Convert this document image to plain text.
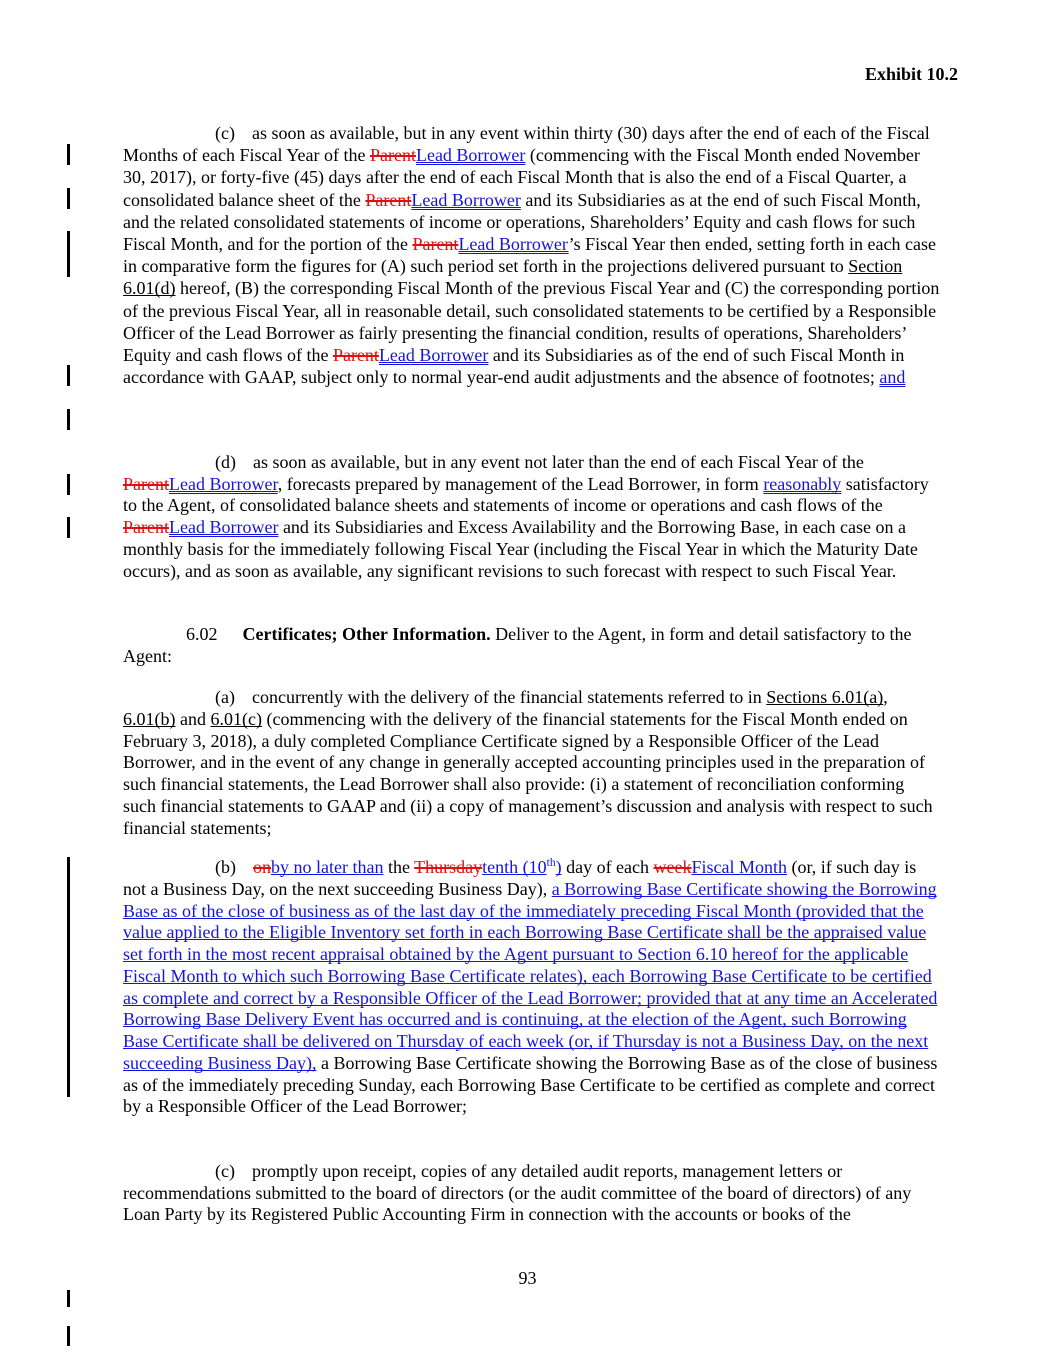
Exhibit 10.2
(c) as soon as available, but in any event within thirty (30) days after the end of each of the Fiscal Months of each Fiscal Year of the ParentLead Borrower (commencing with the Fiscal Month ended November 30, 2017), or forty-five (45) days after the end of each Fiscal Month that is also the end of a Fiscal Quarter, a consolidated balance sheet of the ParentLead Borrower and its Subsidiaries as at the end of such Fiscal Month, and the related consolidated statements of income or operations, Shareholders’ Equity and cash flows for such Fiscal Month, and for the portion of the ParentLead Borrower’s Fiscal Year then ended, setting forth in each case in comparative form the figures for (A) such period set forth in the projections delivered pursuant to Section 6.01(d) hereof, (B) the corresponding Fiscal Month of the previous Fiscal Year and (C) the corresponding portion of the previous Fiscal Year, all in reasonable detail, such consolidated statements to be certified by a Responsible Officer of the Lead Borrower as fairly presenting the financial condition, results of operations, Shareholders’ Equity and cash flows of the ParentLead Borrower and its Subsidiaries as of the end of such Fiscal Month in accordance with GAAP, subject only to normal year-end audit adjustments and the absence of footnotes; and
(d) as soon as available, but in any event not later than the end of each Fiscal Year of the ParentLead Borrower, forecasts prepared by management of the Lead Borrower, in form reasonably satisfactory to the Agent, of consolidated balance sheets and statements of income or operations and cash flows of the ParentLead Borrower and its Subsidiaries and Excess Availability and the Borrowing Base, in each case on a monthly basis for the immediately following Fiscal Year (including the Fiscal Year in which the Maturity Date occurs), and as soon as available, any significant revisions to such forecast with respect to such Fiscal Year.
6.02 Certificates; Other Information. Deliver to the Agent, in form and detail satisfactory to the Agent:
(a) concurrently with the delivery of the financial statements referred to in Sections 6.01(a), 6.01(b) and 6.01(c) (commencing with the delivery of the financial statements for the Fiscal Month ended on February 3, 2018), a duly completed Compliance Certificate signed by a Responsible Officer of the Lead Borrower, and in the event of any change in generally accepted accounting principles used in the preparation of such financial statements, the Lead Borrower shall also provide: (i) a statement of reconciliation conforming such financial statements to GAAP and (ii) a copy of management’s discussion and analysis with respect to such financial statements;
(b) onby no later than the Thursdaytenth (10th) day of each weekFiscal Month (or, if such day is not a Business Day, on the next succeeding Business Day), a Borrowing Base Certificate showing the Borrowing Base as of the close of business as of the last day of the immediately preceding Fiscal Month (provided that the value applied to the Eligible Inventory set forth in each Borrowing Base Certificate shall be the appraised value set forth in the most recent appraisal obtained by the Agent pursuant to Section 6.10 hereof for the applicable Fiscal Month to which such Borrowing Base Certificate relates), each Borrowing Base Certificate to be certified as complete and correct by a Responsible Officer of the Lead Borrower; provided that at any time an Accelerated Borrowing Base Delivery Event has occurred and is continuing, at the election of the Agent, such Borrowing Base Certificate shall be delivered on Thursday of each week (or, if Thursday is not a Business Day, on the next succeeding Business Day), a Borrowing Base Certificate showing the Borrowing Base as of the close of business as of the immediately preceding Sunday, each Borrowing Base Certificate to be certified as complete and correct by a Responsible Officer of the Lead Borrower;
(c) promptly upon receipt, copies of any detailed audit reports, management letters or recommendations submitted to the board of directors (or the audit committee of the board of directors) of any Loan Party by its Registered Public Accounting Firm in connection with the accounts or books of the
93
